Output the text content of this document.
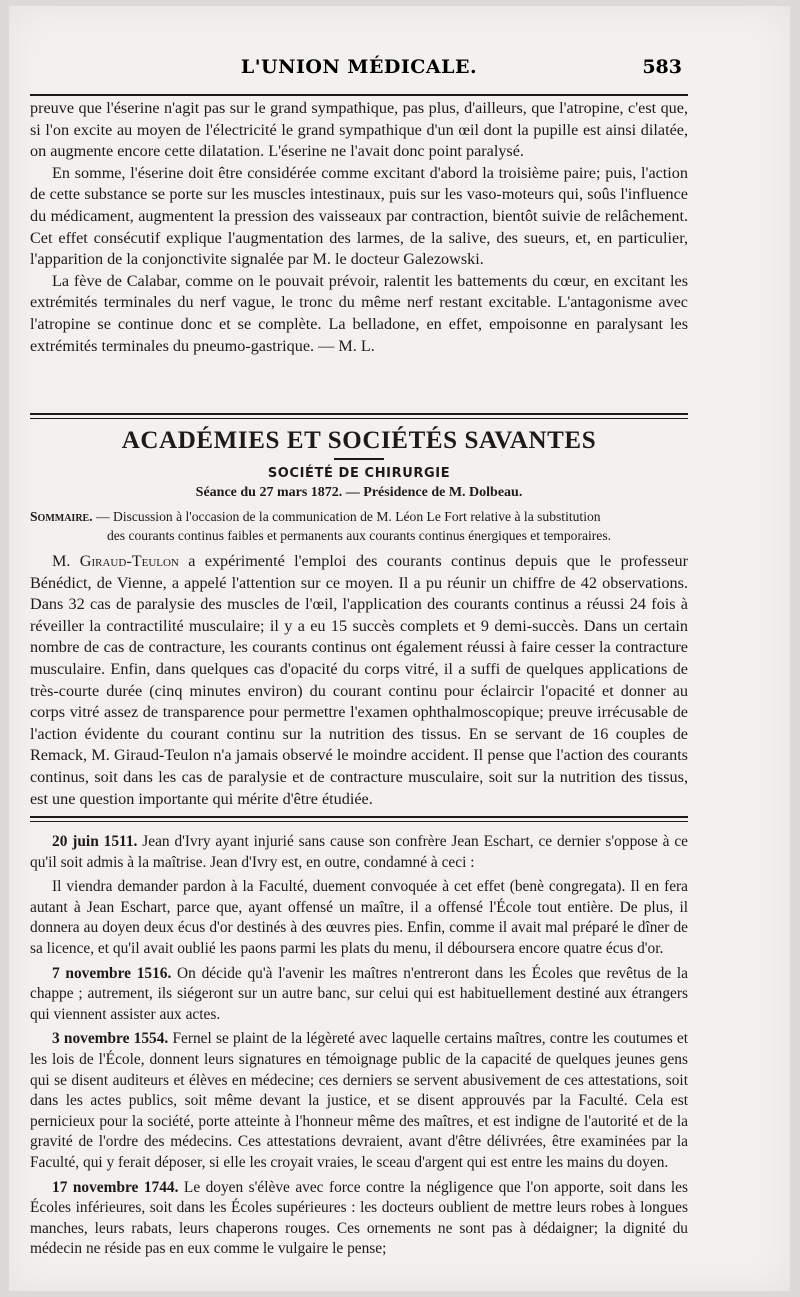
L'UNION MÉDICALE.	583

preuve que l'éserine n'agit pas sur le grand sympathique, pas plus, d'ailleurs, que l'atropine, c'est que, si l'on excite au moyen de l'électricité le grand sympathique d'un œil dont la pupille est ainsi dilatée, on augmente encore cette dilatation. L'éserine ne l'avait donc point paralysé.

En somme, l'éserine doit être considérée comme excitant d'abord la troisième paire; puis, l'action de cette substance se porte sur les muscles intestinaux, puis sur les vaso-moteurs qui, soûs l'influence du médicament, augmentent la pression des vaisseaux par contraction, bientôt suivie de relâchement. Cet effet consécutif explique l'augmentation des larmes, de la salive, des sueurs, et, en particulier, l'apparition de la conjonctivite signalée par M. le docteur Galezowski.

La fève de Calabar, comme on le pouvait prévoir, ralentit les battements du cœur, en excitant les extrémités terminales du nerf vague, le tronc du même nerf restant excitable. L'antagonisme avec l'atropine se continue donc et se complète. La belladone, en effet, empoisonne en paralysant les extrémités terminales du pneumo-gastrique. — M. L.

ACADÉMIES ET SOCIÉTÉS SAVANTES
SOCIÉTÉ DE CHIRURGIE
Séance du 27 mars 1872. — Présidence de M. Dolbeau.
Sommaire. — Discussion à l'occasion de la communication de M. Léon Le Fort relative à la substitution
des courants continus faibles et permanents aux courants continus énergiques et temporaires.

M. Giraud-Teulon a expérimenté l'emploi des courants continus depuis que le professeur Bénédict, de Vienne, a appelé l'attention sur ce moyen. Il a pu réunir un chiffre de 42 observations. Dans 32 cas de paralysie des muscles de l'œil, l'application des courants continus a réussi 24 fois à réveiller la contractilité musculaire; il y a eu 15 succès complets et 9 demi-succès. Dans un certain nombre de cas de contracture, les courants continus ont également réussi à faire cesser la contracture musculaire. Enfin, dans quelques cas d'opacité du corps vitré, il a suffi de quelques applications de très-courte durée (cinq minutes environ) du courant continu pour éclaircir l'opacité et donner au corps vitré assez de transparence pour permettre l'examen ophthalmoscopique; preuve irrécusable de l'action évidente du courant continu sur la nutrition des tissus. En se servant de 16 couples de Remack, M. Giraud-Teulon n'a jamais observé le moindre accident. Il pense que l'action des courants continus, soit dans les cas de paralysie et de contracture musculaire, soit sur la nutrition des tissus, est une question importante qui mérite d'être étudiée.

20 juin 1511. Jean d'Ivry ayant injurié sans cause son confrère Jean Eschart, ce dernier s'oppose à ce qu'il soit admis à la maîtrise. Jean d'Ivry est, en outre, condamné à ceci :

Il viendra demander pardon à la Faculté, duement convoquée à cet effet (benè congregata). Il en fera autant à Jean Eschart, parce que, ayant offensé un maître, il a offensé l'École tout entière. De plus, il donnera au doyen deux écus d'or destinés à des œuvres pies. Enfin, comme il avait mal préparé le dîner de sa licence, et qu'il avait oublié les paons parmi les plats du menu, il déboursera encore quatre écus d'or.

7 novembre 1516. On décide qu'à l'avenir les maîtres n'entreront dans les Écoles que revêtus de la chappe ; autrement, ils siégeront sur un autre banc, sur celui qui est habituellement destiné aux étrangers qui viennent assister aux actes.

3 novembre 1554. Fernel se plaint de la légèreté avec laquelle certains maîtres, contre les coutumes et les lois de l'École, donnent leurs signatures en témoignage public de la capacité de quelques jeunes gens qui se disent auditeurs et élèves en médecine; ces derniers se servent abusivement de ces attestations, soit dans les actes publics, soit même devant la justice, et se disent approuvés par la Faculté. Cela est pernicieux pour la société, porte atteinte à l'honneur même des maîtres, et est indigne de l'autorité et de la gravité de l'ordre des médecins. Ces attestations devraient, avant d'être délivrées, être examinées par la Faculté, qui y ferait déposer, si elle les croyait vraies, le sceau d'argent qui est entre les mains du doyen.

17 novembre 1744. Le doyen s'élève avec force contre la négligence que l'on apporte, soit dans les Écoles inférieures, soit dans les Écoles supérieures : les docteurs oublient de mettre leurs robes à longues manches, leurs rabats, leurs chaperons rouges. Ces ornements ne sont pas à dédaigner; la dignité du médecin ne réside pas en eux comme le vulgaire le pense;
